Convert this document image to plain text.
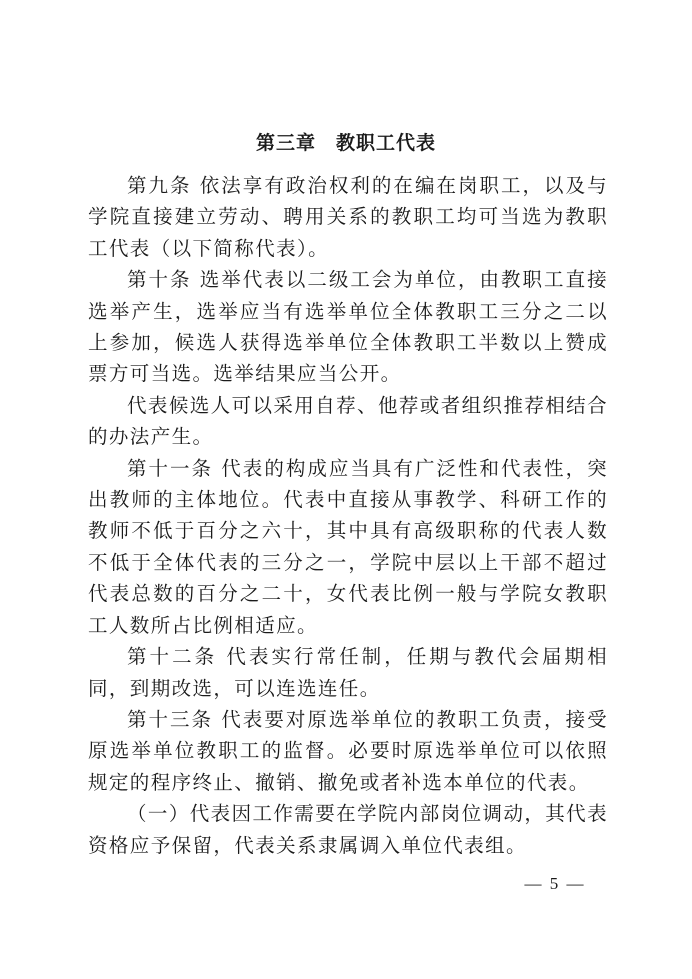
第三章　教职工代表

第九条 依法享有政治权利的在编在岗职工，以及与学院直接建立劳动、聘用关系的教职工均可当选为教职工代表（以下简称代表）。

第十条 选举代表以二级工会为单位，由教职工直接选举产生，选举应当有选举单位全体教职工三分之二以上参加，候选人获得选举单位全体教职工半数以上赞成票方可当选。选举结果应当公开。

代表候选人可以采用自荐、他荐或者组织推荐相结合的办法产生。

第十一条 代表的构成应当具有广泛性和代表性，突出教师的主体地位。代表中直接从事教学、科研工作的教师不低于百分之六十，其中具有高级职称的代表人数不低于全体代表的三分之一，学院中层以上干部不超过代表总数的百分之二十，女代表比例一般与学院女教职工人数所占比例相适应。

第十二条 代表实行常任制，任期与教代会届期相同，到期改选，可以连选连任。

第十三条 代表要对原选举单位的教职工负责，接受原选举单位教职工的监督。必要时原选举单位可以依照规定的程序终止、撤销、撤免或者补选本单位的代表。

（一）代表因工作需要在学院内部岗位调动，其代表资格应予保留，代表关系隶属调入单位代表组。

— 5 —
